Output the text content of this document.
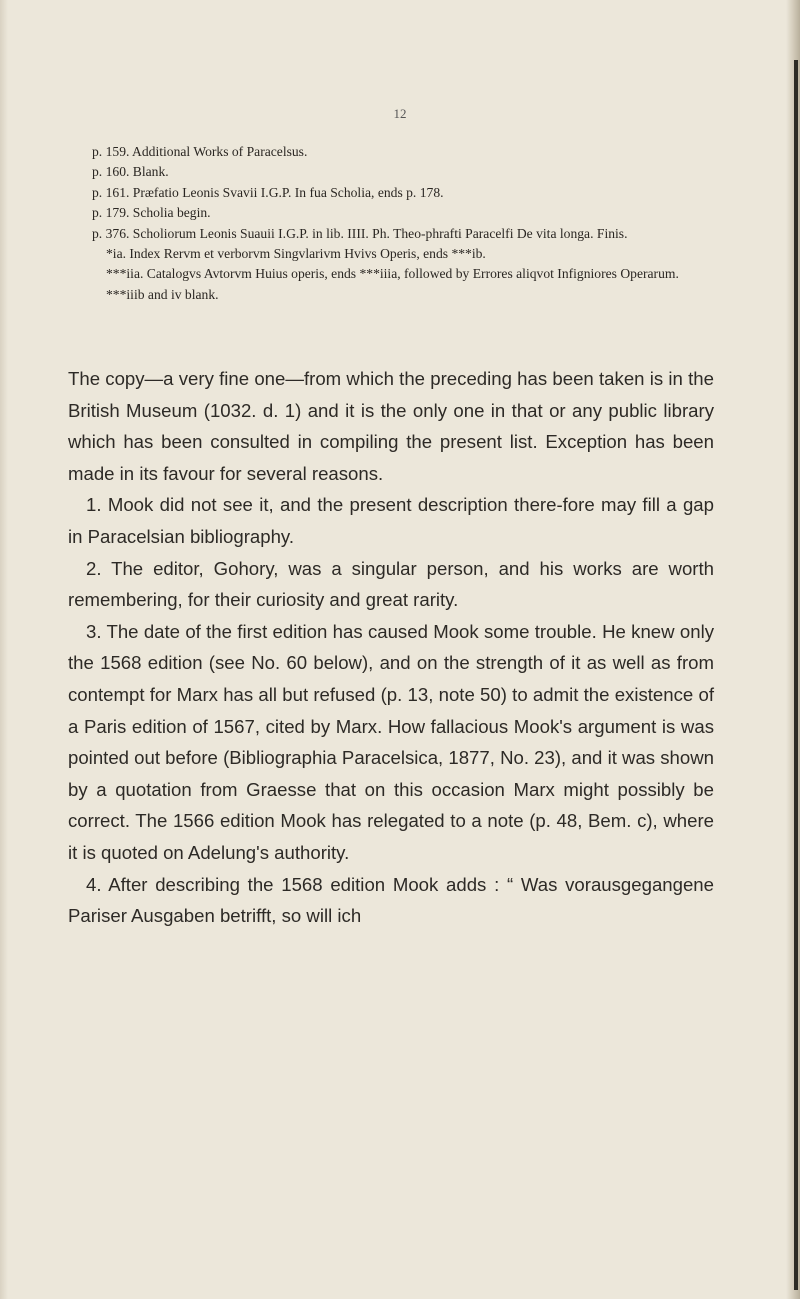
12

p. 159. Additional Works of Paracelsus.

p. 160. Blank.

p. 161. Præfatio Leonis Svavii I.G.P. In fua Scholia, ends p. 178.

p. 179. Scholia begin.

p. 376. Scholiorum Leonis Suauii I.G.P. in lib. IIII. Ph. Theo-phrafti Paracelfi De vita longa. Finis.

*ia. Index Rervm et verborvm Singvlarivm Hvivs Operis, ends ***ib.

***iia. Catalogvs Avtorvm Huius operis, ends ***iiia, followed by Errores aliqvot Infigniores Operarum.

***iiib and iv blank.

The copy—a very fine one—from which the preceding has been taken is in the British Museum (1032. d. 1) and it is the only one in that or any public library which has been consulted in compiling the present list. Exception has been made in its favour for several reasons.

1. Mook did not see it, and the present description there-fore may fill a gap in Paracelsian bibliography.

2. The editor, Gohory, was a singular person, and his works are worth remembering, for their curiosity and great rarity.

3. The date of the first edition has caused Mook some trouble. He knew only the 1568 edition (see No. 60 below), and on the strength of it as well as from contempt for Marx has all but refused (p. 13, note 50) to admit the existence of a Paris edition of 1567, cited by Marx. How fallacious Mook's argument is was pointed out before (Bibliographia Paracelsica, 1877, No. 23), and it was shown by a quotation from Graesse that on this occasion Marx might possibly be correct. The 1566 edition Mook has relegated to a note (p. 48, Bem. c), where it is quoted on Adelung's authority.

4. After describing the 1568 edition Mook adds : “ Was vorausgegangene Pariser Ausgaben betrifft, so will ich
